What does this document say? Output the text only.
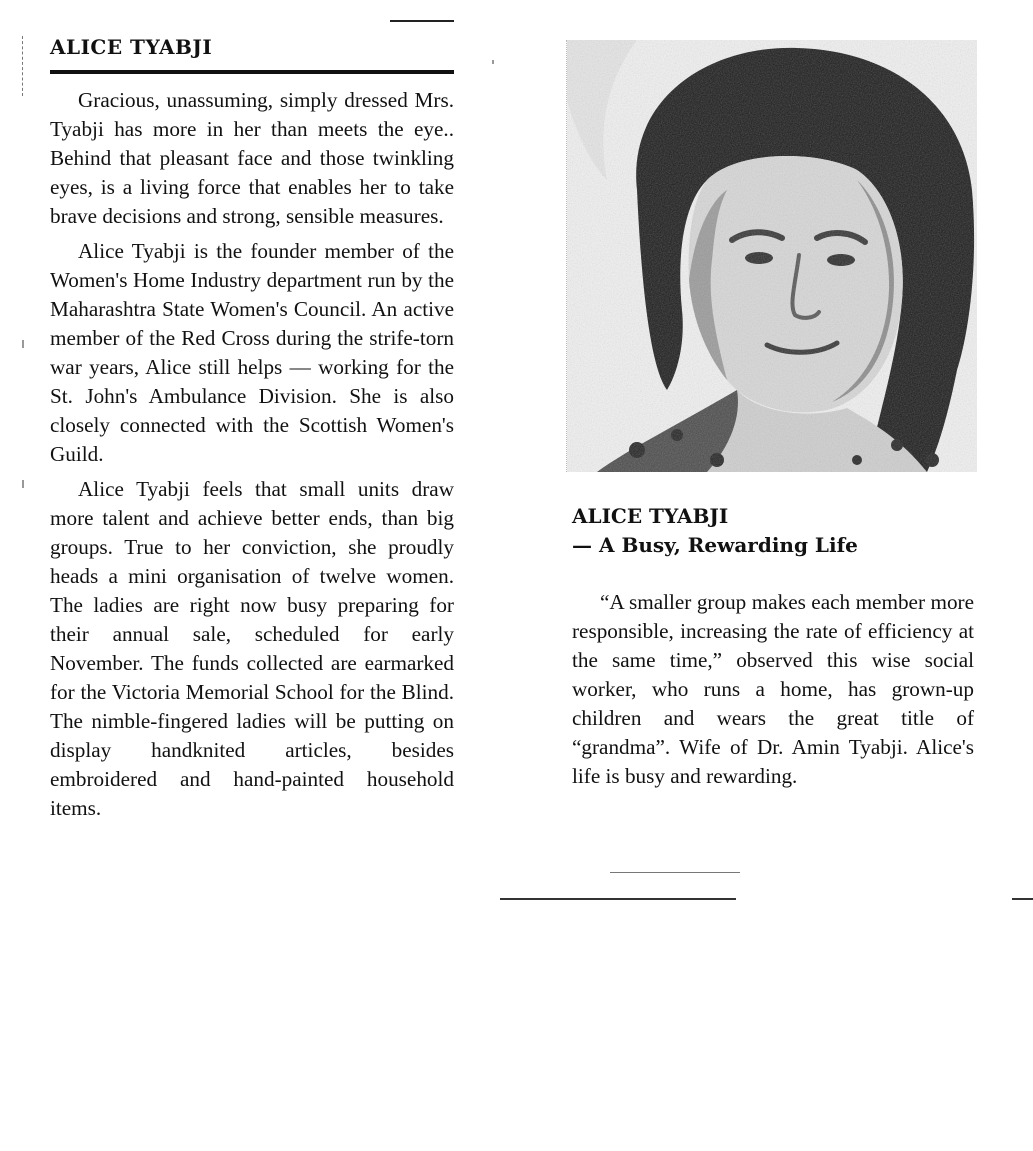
ALICE TYABJI

Gracious, unassuming, simply dressed Mrs. Tyabji has more in her than meets the eye.. Behind that pleasant face and those twinkling eyes, is a living force that enables her to take brave decisions and strong, sensible measures.

Alice Tyabji is the founder member of the Women's Home Industry department run by the Maharashtra State Women's Council. An active member of the Red Cross during the strife-torn war years, Alice still helps — working for the St. John's Ambulance Division. She is also closely connected with the Scottish Women's Guild.

Alice Tyabji feels that small units draw more talent and achieve better ends, than big groups. True to her conviction, she proudly heads a mini organisation of twelve women. The ladies are right now busy preparing for their annual sale, scheduled for early November. The funds collected are earmarked for the Victoria Memorial School for the Blind. The nimble-fingered ladies will be putting on display handknited articles, besides embroidered and hand-painted household items.

ALICE TYABJI
— A Busy, Rewarding Life

“A smaller group makes each member more responsible, increasing the rate of efficiency at the same time,” observed this wise social worker, who runs a home, has grown-up children and wears the great title of “grandma”. Wife of Dr. Amin Tyabji. Alice's life is busy and rewarding.
